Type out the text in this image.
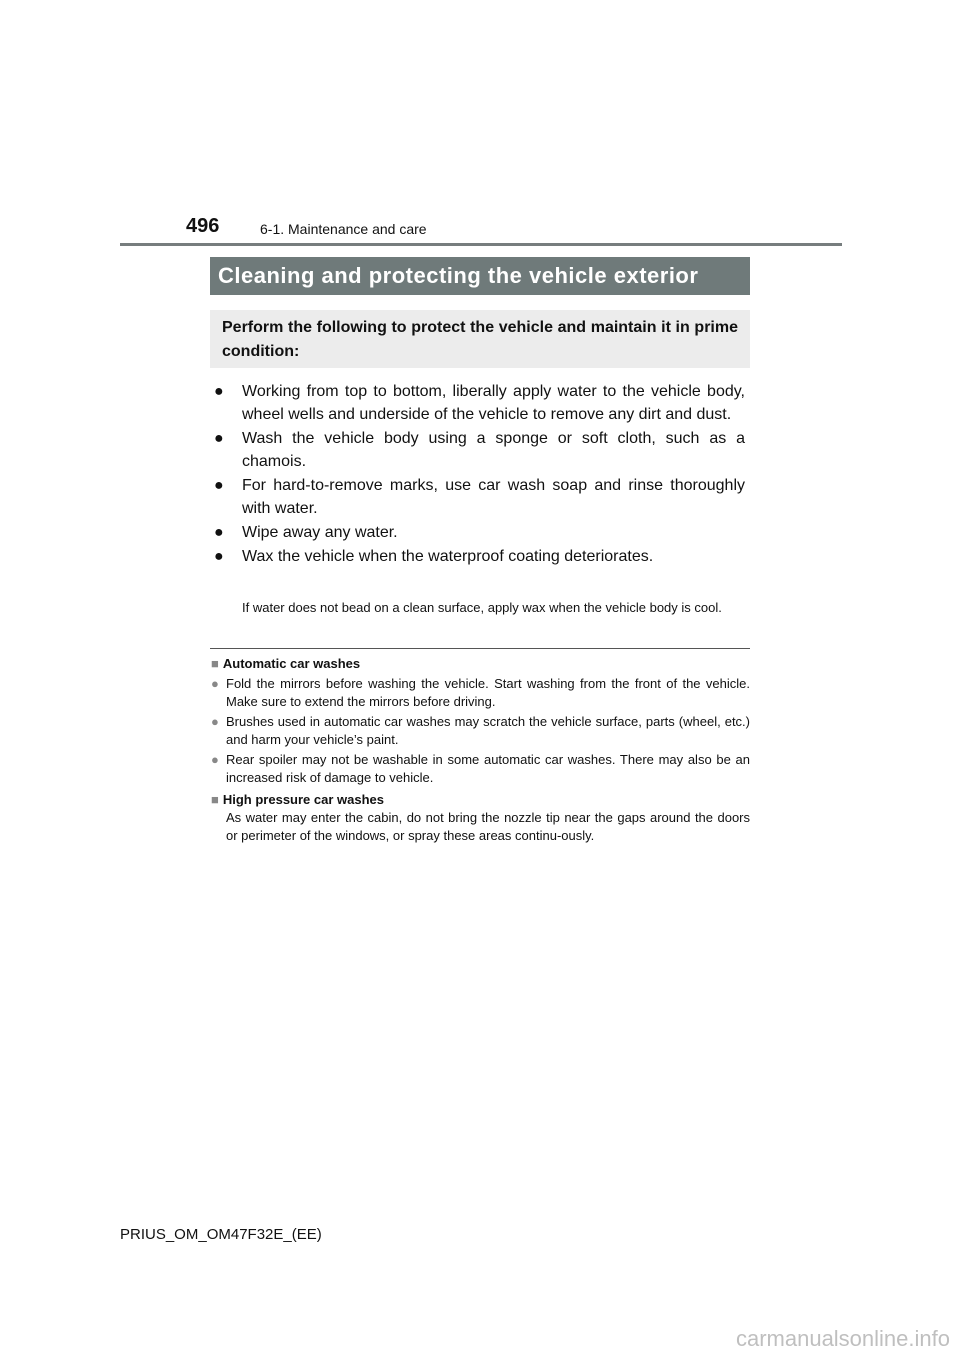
496	6-1. Maintenance and care
Cleaning and protecting the vehicle exterior
Perform the following to protect the vehicle and maintain it in prime condition:
● Working from top to bottom, liberally apply water to the vehicle body, wheel wells and underside of the vehicle to remove any dirt and dust.
● Wash the vehicle body using a sponge or soft cloth, such as a chamois.
● For hard-to-remove marks, use car wash soap and rinse thoroughly with water.
● Wipe away any water.
● Wax the vehicle when the waterproof coating deteriorates.
If water does not bead on a clean surface, apply wax when the vehicle body is cool.

■ Automatic car washes

● Fold the mirrors before washing the vehicle. Start washing from the front of the vehicle. Make sure to extend the mirrors before driving.
● Brushes used in automatic car washes may scratch the vehicle surface, parts (wheel, etc.) and harm your vehicle’s paint.
● Rear spoiler may not be washable in some automatic car washes. There may also be an increased risk of damage to vehicle.

■ High pressure car washes

As water may enter the cabin, do not bring the nozzle tip near the gaps around the doors or perimeter of the windows, or spray these areas continu-ously.
PRIUS_OM_OM47F32E_(EE)
carmanualsonline.info
